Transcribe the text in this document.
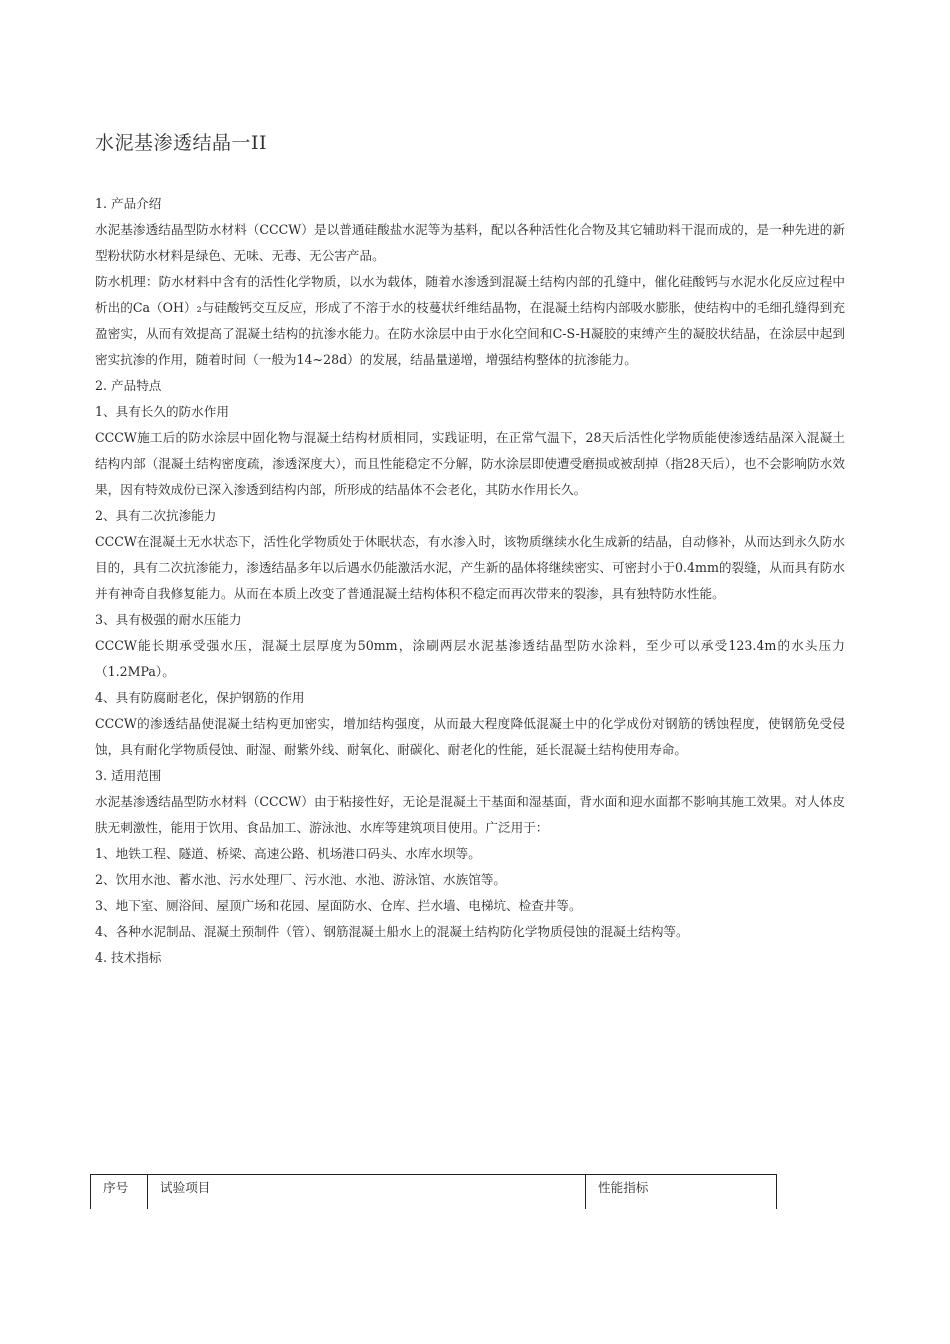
水泥基渗透结晶一II

1. 产品介绍

水泥基渗透结晶型防水材料（CCCW）是以普通硅酸盐水泥等为基料，配以各种活性化合物及其它辅助料干混而成的，是一种先进的新型粉状防水材料是绿色、无味、无毒、无公害产品。

防水机理：防水材料中含有的活性化学物质，以水为载体，随着水渗透到混凝土结构内部的孔缝中，催化硅酸钙与水泥水化反应过程中析出的Ca（OH）₂与硅酸钙交互反应，形成了不溶于水的枝蔓状纤维结晶物，在混凝土结构内部吸水膨胀，使结构中的毛细孔缝得到充盈密实，从而有效提高了混凝土结构的抗渗水能力。在防水涂层中由于水化空间和C-S-H凝胶的束缚产生的凝胶状结晶，在涂层中起到密实抗渗的作用，随着时间（一般为14~28d）的发展，结晶量递增，增强结构整体的抗渗能力。

2. 产品特点

1、具有长久的防水作用

CCCW施工后的防水涂层中固化物与混凝土结构材质相同，实践证明，在正常气温下，28天后活性化学物质能使渗透结晶深入混凝土结构内部（混凝土结构密度疏，渗透深度大），而且性能稳定不分解，防水涂层即使遭受磨损或被刮掉（指28天后），也不会影响防水效果，因有特效成份已深入渗透到结构内部，所形成的结晶体不会老化，其防水作用长久。

2、具有二次抗渗能力

CCCW在混凝土无水状态下，活性化学物质处于休眠状态，有水渗入时，该物质继续水化生成新的结晶，自动修补，从而达到永久防水目的，具有二次抗渗能力，渗透结晶多年以后遇水仍能激活水泥，产生新的晶体将继续密实、可密封小于0.4mm的裂缝，从而具有防水并有神奇自我修复能力。从而在本质上改变了普通混凝土结构体积不稳定而再次带来的裂渗，具有独特防水性能。

3、具有极强的耐水压能力

CCCW能长期承受强水压，混凝土层厚度为50mm，涂刷两层水泥基渗透结晶型防水涂料，至少可以承受123.4m的水头压力（1.2MPa）。

4、具有防腐耐老化，保护钢筋的作用

CCCW的渗透结晶使混凝土结构更加密实，增加结构强度，从而最大程度降低混凝土中的化学成份对钢筋的锈蚀程度，使钢筋免受侵蚀，具有耐化学物质侵蚀、耐湿、耐紫外线、耐氧化、耐碳化、耐老化的性能，延长混凝土结构使用寿命。

3. 适用范围

水泥基渗透结晶型防水材料（CCCW）由于粘接性好，无论是混凝土干基面和湿基面，背水面和迎水面都不影响其施工效果。对人体皮肤无刺激性，能用于饮用、食品加工、游泳池、水库等建筑项目使用。广泛用于：

1、地铁工程、隧道、桥梁、高速公路、机场港口码头、水库水坝等。

2、饮用水池、蓄水池、污水处理厂、污水池、水池、游泳馆、水族馆等。

3、地下室、厕浴间、屋顶广场和花园、屋面防水、仓库、拦水墙、电梯坑、检查井等。

4、各种水泥制品、混凝土预制件（管）、钢筋混凝土船水上的混凝土结构防化学物质侵蚀的混凝土结构等。

4. 技术指标

序号	试验项目	性能指标
